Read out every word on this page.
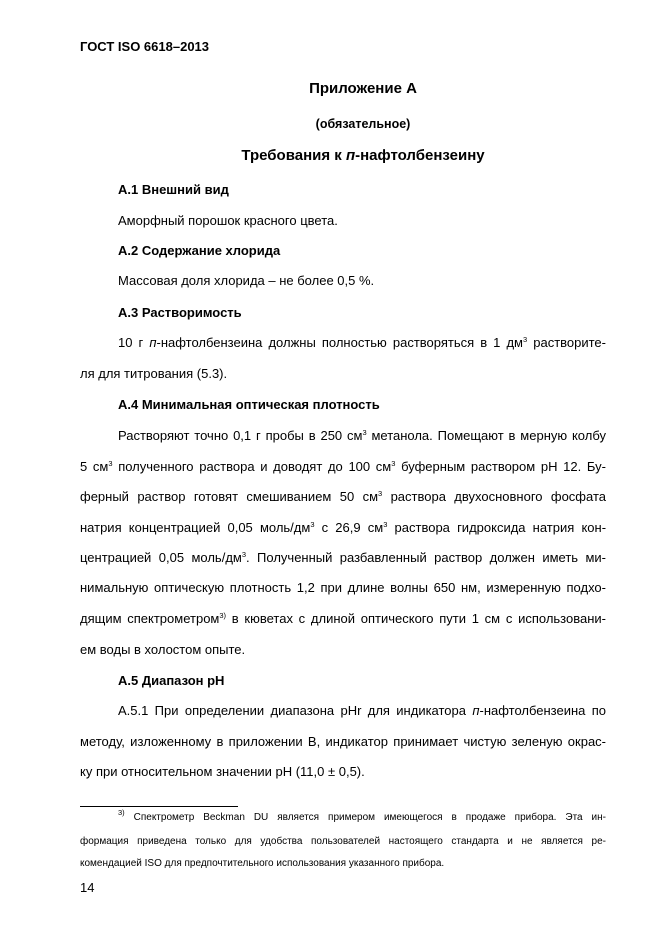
ГОСТ ISO 6618–2013
Приложение А
(обязательное)
Требования к п-нафтолбензеину
А.1 Внешний вид
Аморфный порошок красного цвета.
А.2 Содержание хлорида
Массовая доля хлорида – не более 0,5 %.
А.3 Растворимость
10 г п-нафтолбензеина должны полностью растворяться в 1 $дм^3$ растворите-
ля для титрования (5.3).
А.4 Минимальная оптическая плотность
Растворяют точно 0,1 г пробы в 250 $см^3$ метанола. Помещают в мерную колбу
5 $см^3$ полученного раствора и доводят до 100 $см^3$ буферным раствором pH 12. Бу-
ферный раствор готовят смешиванием 50 $см^3$ раствора двухосновного фосфата
натрия концентрацией 0,05 моль/$дм^3$ с 26,9 $см^3$ раствора гидроксида натрия кон-
центрацией 0,05 моль/$дм^3$. Полученный разбавленный раствор должен иметь ми-
нимальную оптическую плотность 1,2 при длине волны 650 нм, измеренную подхо-
дящим спектрометром$^{3)}$ в кюветах с длиной оптического пути 1 см с использовани-
ем воды в холостом опыте.
А.5 Диапазон pH
А.5.1 При определении диапазона pHr для индикатора п-нафтолбензеина по
методу, изложенному в приложении В, индикатор принимает чистую зеленую окрас-
ку при относительном значении pH (11,0 ± 0,5).
$^{3)}$ Спектрометр Beckman DU является примером имеющегося в продаже прибора. Эта ин-
формация приведена только для удобства пользователей настоящего стандарта и не является ре-
комендацией ISO для предпочтительного использования указанного прибора.
14
